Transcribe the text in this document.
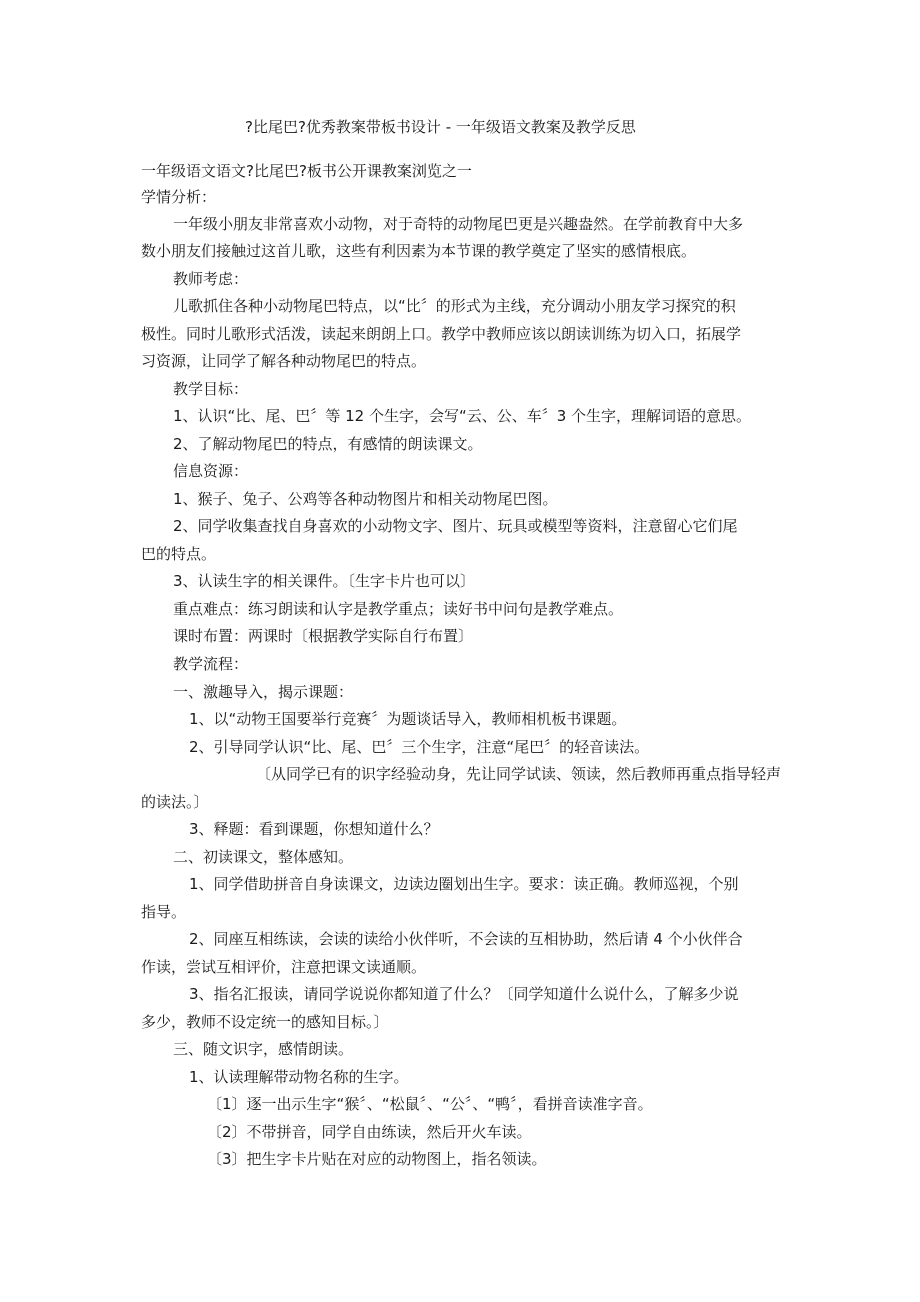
?比尾巴?优秀教案带板书设计 - 一年级语文教案及教学反思
一年级语文语文?比尾巴?板书公开课教案浏览之一
学情分析：
一年级小朋友非常喜欢小动物，对于奇特的动物尾巴更是兴趣盎然。在学前教育中大多
数小朋友们接触过这首儿歌，这些有利因素为本节课的教学奠定了坚实的感情根底。
教师考虑：
儿歌抓住各种小动物尾巴特点，以“比〞的形式为主线，充分调动小朋友学习探究的积
极性。同时儿歌形式活泼，读起来朗朗上口。教学中教师应该以朗读训练为切入口，拓展学
习资源，让同学了解各种动物尾巴的特点。
教学目标：
1、认识“比、尾、巴〞等 12 个生字，会写“云、公、车〞3 个生字，理解词语的意思。
2、了解动物尾巴的特点，有感情的朗读课文。
信息资源：
1、猴子、兔子、公鸡等各种动物图片和相关动物尾巴图。
2、同学收集查找自身喜欢的小动物文字、图片、玩具或模型等资料，注意留心它们尾
巴的特点。
3、认读生字的相关课件。〔生字卡片也可以〕
重点难点：练习朗读和认字是教学重点；读好书中问句是教学难点。
课时布置：两课时〔根据教学实际自行布置〕
教学流程：
一、激趣导入，揭示课题：
1、以“动物王国要举行竞赛〞为题谈话导入，教师相机板书课题。
2、引导同学认识“比、尾、巴〞三个生字，注意“尾巴〞的轻音读法。
〔从同学已有的识字经验动身，先让同学试读、领读，然后教师再重点指导轻声
的读法。〕
3、释题：看到课题，你想知道什么？
二、初读课文，整体感知。
1、同学借助拼音自身读课文，边读边圈划出生字。要求：读正确。教师巡视，个别
指导。
2、同座互相练读，会读的读给小伙伴听，不会读的互相协助，然后请 4 个小伙伴合
作读，尝试互相评价，注意把课文读通顺。
3、指名汇报读，请同学说说你都知道了什么？〔同学知道什么说什么，了解多少说
多少，教师不设定统一的感知目标。〕
三、随文识字，感情朗读。
1、认读理解带动物名称的生字。
〔1〕逐一出示生字“猴〞、“松鼠〞、“公〞、“鸭〞，看拼音读准字音。
〔2〕不带拼音，同学自由练读，然后开火车读。
〔3〕把生字卡片贴在对应的动物图上，指名领读。
